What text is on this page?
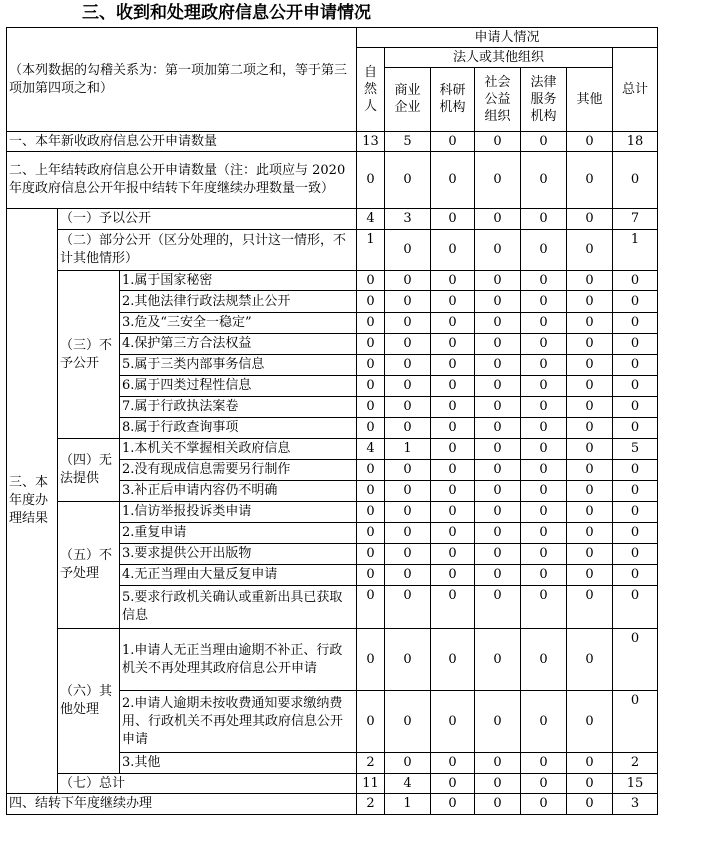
三、收到和处理政府信息公开申请情况
（本列数据的勾稽关系为：第一项加第二项之和，等于第三项加第四项之和）			申请人情况						
			自然人	法人或其他组织					总计
				商业企业	科研机构	社会公益组织	法律服务机构	其他	
一、本年新收政府信息公开申请数量			13	5	0	0	0	0	18
二、上年结转政府信息公开申请数量（注：此项应与 2020 年度政府信息公开年报中结转下年度继续办理数量一致）			0	0	0	0	0	0	0
三、本年度办理结果	（一）予以公开		4	3	0	0	0	0	7
	（二）部分公开（区分处理的，只计这一情形，不计其他情形）		1	0	0	0	0	0	1
	（三）不予公开	1.属于国家秘密	0	0	0	0	0	0	0
		2.其他法律行政法规禁止公开	0	0	0	0	0	0	0
		3.危及“三安全一稳定”	0	0	0	0	0	0	0
		4.保护第三方合法权益	0	0	0	0	0	0	0
		5.属于三类内部事务信息	0	0	0	0	0	0	0
		6.属于四类过程性信息	0	0	0	0	0	0	0
		7.属于行政执法案卷	0	0	0	0	0	0	0
		8.属于行政查询事项	0	0	0	0	0	0	0
	（四）无法提供	1.本机关不掌握相关政府信息	4	1	0	0	0	0	5
		2.没有现成信息需要另行制作	0	0	0	0	0	0	0
		3.补正后申请内容仍不明确	0	0	0	0	0	0	0
	（五）不予处理	1.信访举报投诉类申请	0	0	0	0	0	0	0
		2.重复申请	0	0	0	0	0	0	0
		3.要求提供公开出版物	0	0	0	0	0	0	0
		4.无正当理由大量反复申请	0	0	0	0	0	0	0
		5.要求行政机关确认或重新出具已获取信息	0	0	0	0	0	0	0
	（六）其他处理	1.申请人无正当理由逾期不补正、行政机关不再处理其政府信息公开申请	0	0	0	0	0	0	0
		2.申请人逾期未按收费通知要求缴纳费用、行政机关不再处理其政府信息公开申请	0	0	0	0	0	0	0
		3.其他	2	0	0	0	0	0	2
	（七）总计		11	4	0	0	0	0	15
四、结转下年度继续办理			2	1	0	0	0	0	3
